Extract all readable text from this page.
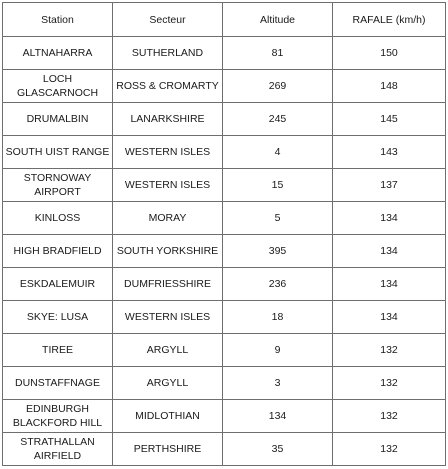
Station	Secteur	Altitude	RAFALE (km/h)
ALTNAHARRA	SUTHERLAND	81	150
LOCH GLASCARNOCH	ROSS & CROMARTY	269	148
DRUMALBIN	LANARKSHIRE	245	145
SOUTH UIST RANGE	WESTERN ISLES	4	143
STORNOWAY AIRPORT	WESTERN ISLES	15	137
KINLOSS	MORAY	5	134
HIGH BRADFIELD	SOUTH YORKSHIRE	395	134
ESKDALEMUIR	DUMFRIESSHIRE	236	134
SKYE: LUSA	WESTERN ISLES	18	134
TIREE	ARGYLL	9	132
DUNSTAFFNAGE	ARGYLL	3	132
EDINBURGH BLACKFORD HILL	MIDLOTHIAN	134	132
STRATHALLAN AIRFIELD	PERTHSHIRE	35	132
